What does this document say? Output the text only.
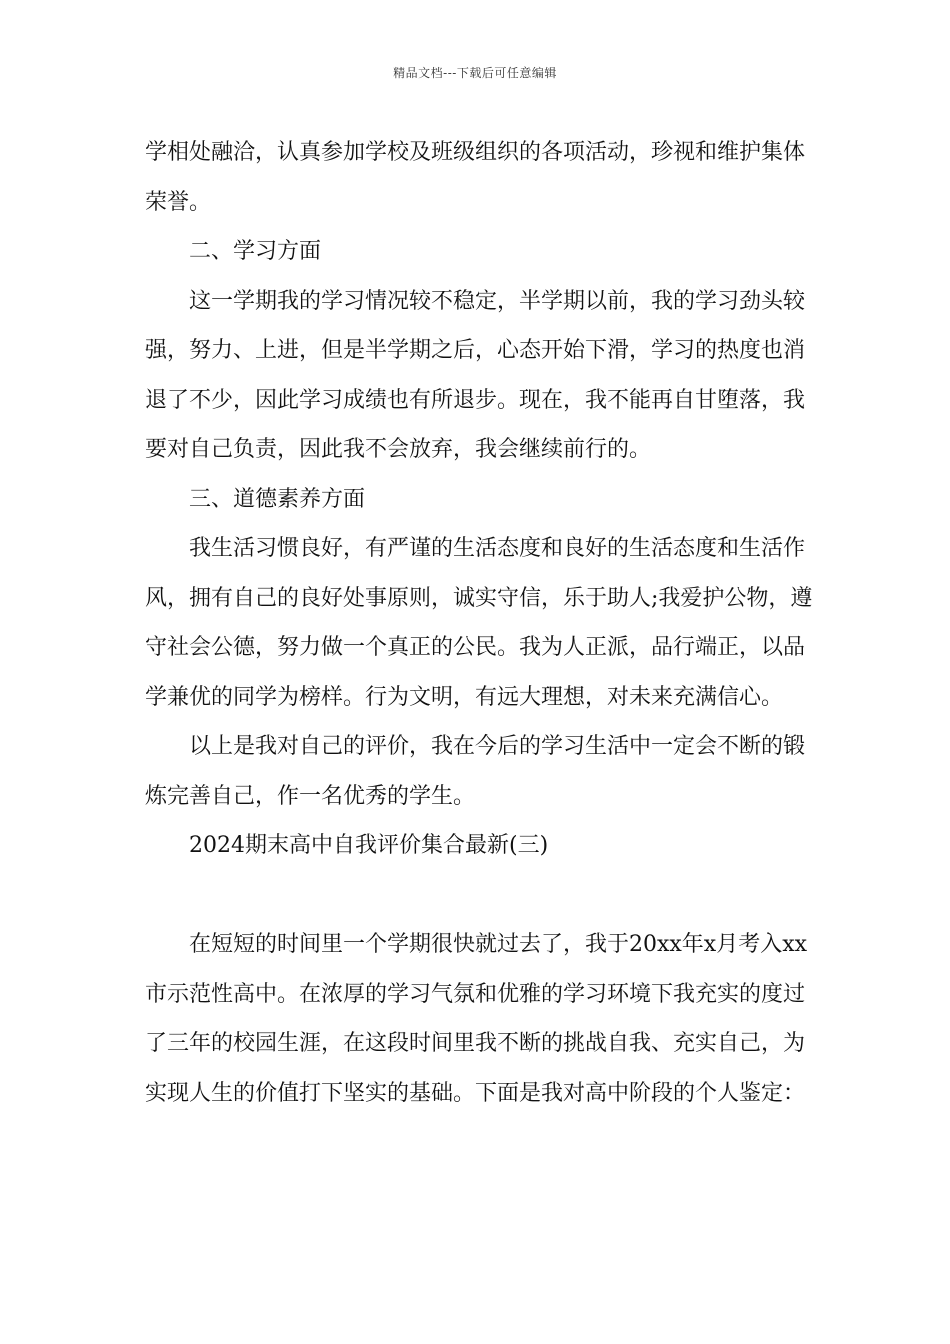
精品文档---下载后可任意编辑

学相处融洽，认真参加学校及班级组织的各项活动，珍视和维护集体荣誉。

二、学习方面

这一学期我的学习情况较不稳定，半学期以前，我的学习劲头较强，努力、上进，但是半学期之后，心态开始下滑，学习的热度也消退了不少，因此学习成绩也有所退步。现在，我不能再自甘堕落，我要对自己负责，因此我不会放弃，我会继续前行的。

三、道德素养方面

我生活习惯良好，有严谨的生活态度和良好的生活态度和生活作风，拥有自己的良好处事原则，诚实守信，乐于助人;我爱护公物，遵守社会公德，努力做一个真正的公民。我为人正派，品行端正，以品学兼优的同学为榜样。行为文明，有远大理想，对未来充满信心。

以上是我对自己的评价，我在今后的学习生活中一定会不断的锻炼完善自己，作一名优秀的学生。

2024期末高中自我评价集合最新(三)

在短短的时间里一个学期很快就过去了，我于20xx年x月考入xx市示范性高中。在浓厚的学习气氛和优雅的学习环境下我充实的度过了三年的校园生涯，在这段时间里我不断的挑战自我、充实自己，为实现人生的价值打下坚实的基础。下面是我对高中阶段的个人鉴定：
